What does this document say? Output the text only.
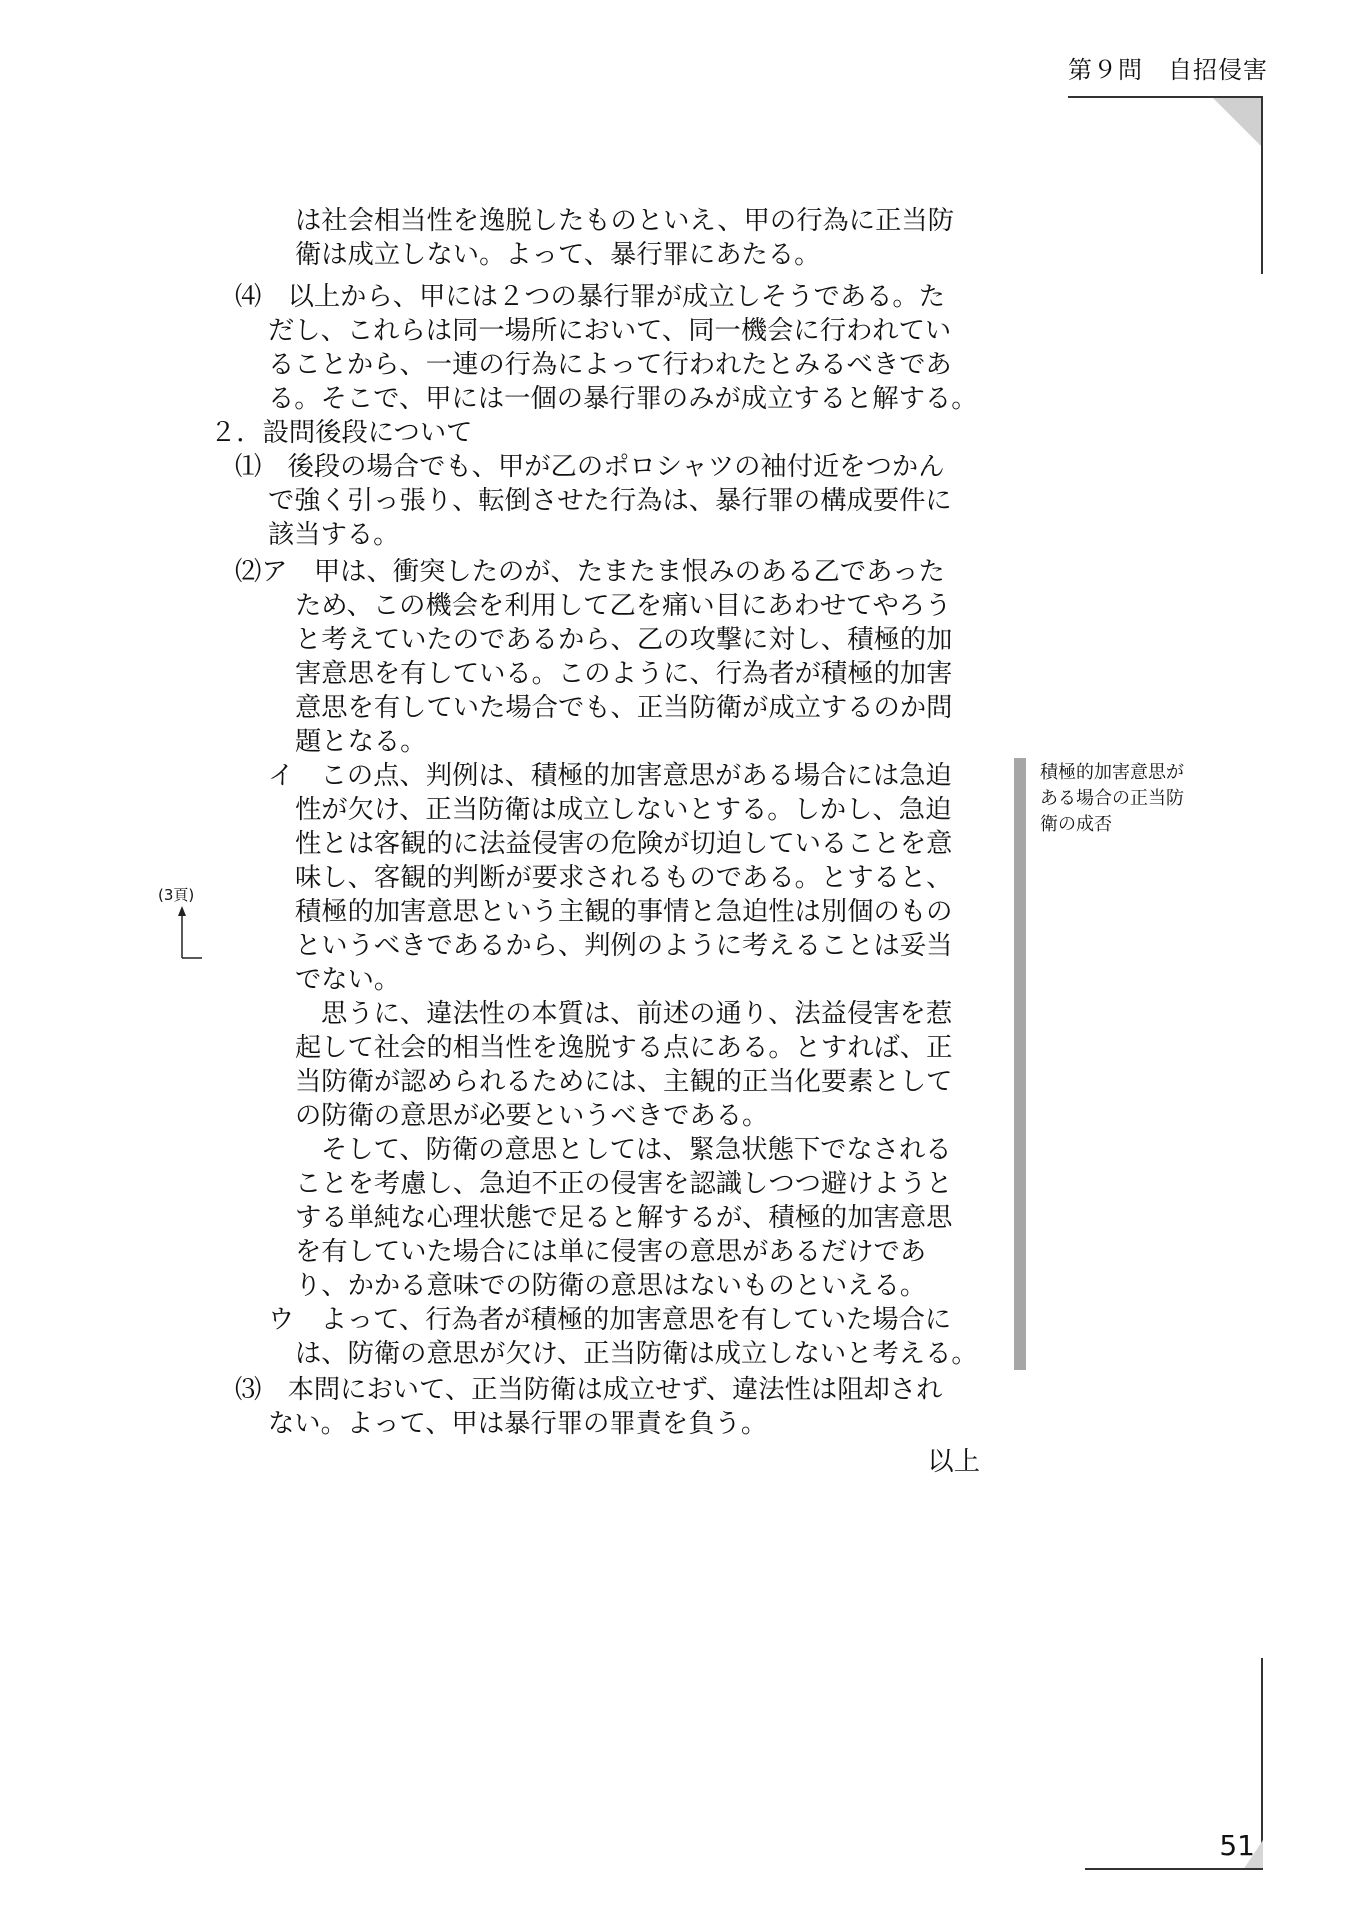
第９問　自招侵害
は社会相当性を逸脱したものといえ、甲の行為に正当防
衛は成立しない。よって、暴行罪にあたる。
⑷　以上から、甲には２つの暴行罪が成立しそうである。た
だし、これらは同一場所において、同一機会に行われてい
ることから、一連の行為によって行われたとみるべきであ
る。そこで、甲には一個の暴行罪のみが成立すると解する。
２．設問後段について
⑴　後段の場合でも、甲が乙のポロシャツの袖付近をつかん
で強く引っ張り、転倒させた行為は、暴行罪の構成要件に
該当する。
⑵ア　甲は、衝突したのが、たまたま恨みのある乙であった
ため、この機会を利用して乙を痛い目にあわせてやろう
と考えていたのであるから、乙の攻撃に対し、積極的加
害意思を有している。このように、行為者が積極的加害
意思を有していた場合でも、正当防衛が成立するのか問
題となる。
イ　この点、判例は、積極的加害意思がある場合には急迫
性が欠け、正当防衛は成立しないとする。しかし、急迫
性とは客観的に法益侵害の危険が切迫していることを意
味し、客観的判断が要求されるものである。とすると、
積極的加害意思という主観的事情と急迫性は別個のもの
というべきであるから、判例のように考えることは妥当
でない。
思うに、違法性の本質は、前述の通り、法益侵害を惹
起して社会的相当性を逸脱する点にある。とすれば、正
当防衛が認められるためには、主観的正当化要素として
の防衛の意思が必要というべきである。
そして、防衛の意思としては、緊急状態下でなされる
ことを考慮し、急迫不正の侵害を認識しつつ避けようと
する単純な心理状態で足ると解するが、積極的加害意思
を有していた場合には単に侵害の意思があるだけであ
り、かかる意味での防衛の意思はないものといえる。
ウ　よって、行為者が積極的加害意思を有していた場合に
は、防衛の意思が欠け、正当防衛は成立しないと考える。
⑶　本問において、正当防衛は成立せず、違法性は阻却され
ない。よって、甲は暴行罪の罪責を負う。
以上
積極的加害意思が
ある場合の正当防
衛の成否
(3頁)
51
